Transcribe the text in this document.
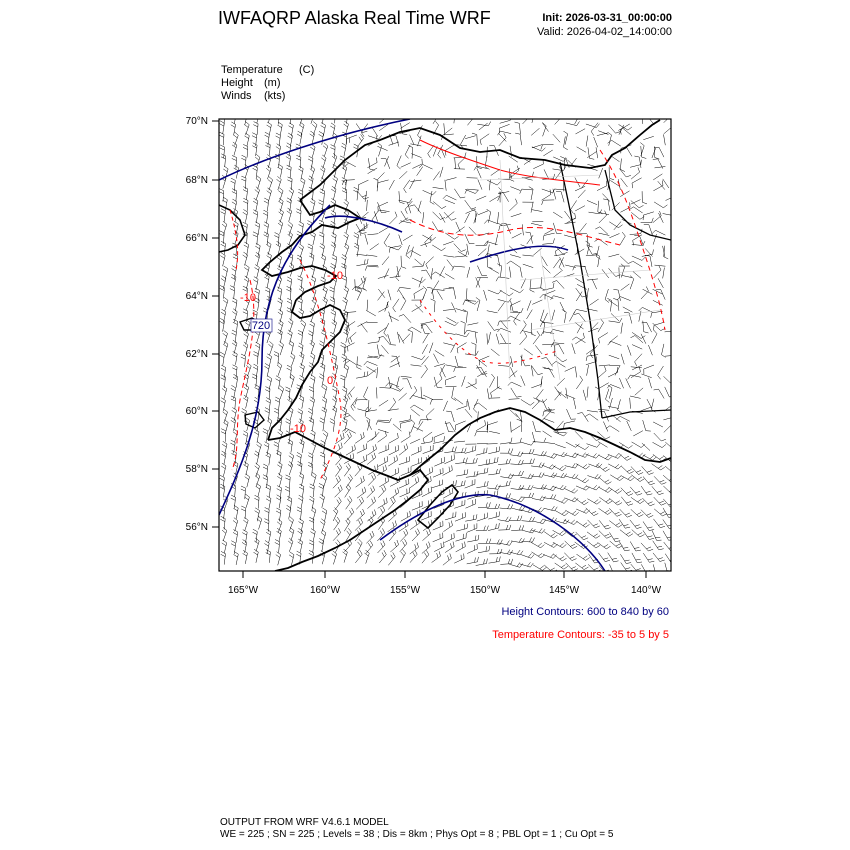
IWFAQRP Alaska Real Time WRF	Init: 2026-03-31_00:00:00
Valid: 2026-04-02_14:00:00
Temperature (C)
Height (m)
Winds (kts)
70°N
68°N
66°N
64°N
62°N
60°N
58°N
56°N
165°W	160°W	155°W	150°W	145°W	140°W
720
-10
-10
-10
0
Height Contours: 600 to 840 by 60
Temperature Contours: -35 to 5 by 5
OUTPUT FROM WRF V4.6.1 MODEL
WE = 225 ; SN = 225 ; Levels = 38 ; Dis = 8km ; Phys Opt = 8 ; PBL Opt = 1 ; Cu Opt = 5
